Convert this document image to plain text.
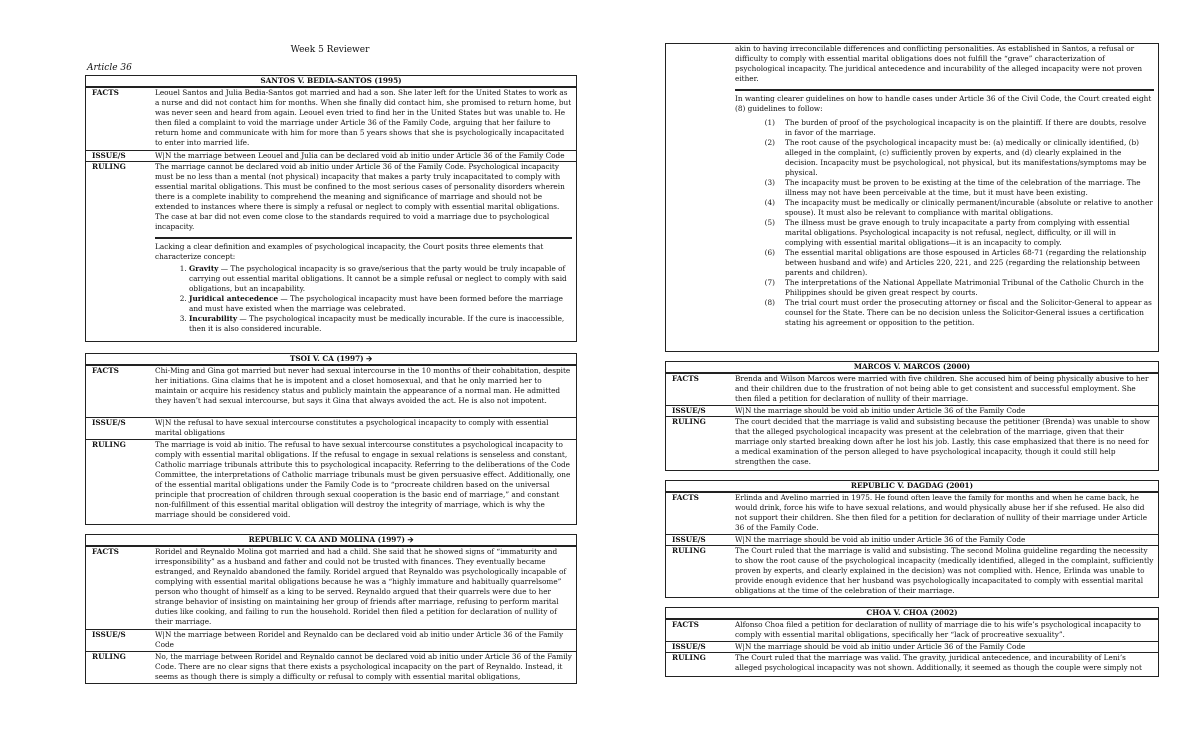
Week 5 Reviewer
Article 36
SANTOS V. BEDIA-SANTOS (1995)
FACTS	Leouel Santos and Julia Bedia-Santos got married and had a son. She later left for the United States to work as a nurse and did not contact him for months. When she finally did contact him, she promised to return home, but was never seen and heard from again. Leouel even tried to find her in the United States but was unable to. He then filed a complaint to void the marriage under Article 36 of the Family Code, arguing that her failure to return home and communicate with him for more than 5 years shows that she is psychologically incapacitated to enter into married life.
ISSUE/S	W|N the marriage between Leouel and Julia can be declared void ab initio under Article 36 of the Family Code
RULING	The marriage cannot be declared void ab initio under Article 36 of the Family Code. Psychological incapacity must be no less than a mental (not physical) incapacity that makes a party truly incapacitated to comply with essential marital obligations. This must be confined to the most serious cases of personality disorders wherein there is a complete inability to comprehend the meaning and significance of marriage and should not be extended to instances where there is simply a refusal or neglect to comply with essential marital obligations. The case at bar did not even come close to the standards required to void a marriage due to psychological incapacity.

Lacking a clear definition and examples of psychological incapacity, the Court posits three elements that characterize concept:

1. Gravity — The psychological incapacity is so grave/serious that the party would be truly incapable of carrying out essential marital obligations. It cannot be a simple refusal or neglect to comply with said obligations, but an incapability.
2. Juridical antecedence — The psychological incapacity must have been formed before the marriage and must have existed when the marriage was celebrated.
3. Incurability — The psychological incapacity must be medically incurable. If the cure is inaccessible, then it is also considered incurable.
TSOI V. CA (1997) 🡪
FACTS	Chi-Ming and Gina got married but never had sexual intercourse in the 10 months of their cohabitation, despite her initiations. Gina claims that he is impotent and a closet homosexual, and that he only married her to maintain or acquire his residency status and publicly maintain the appearance of a normal man. He admitted they haven’t had sexual intercourse, but says it Gina that always avoided the act. He is also not impotent.
ISSUE/S	W|N the refusal to have sexual intercourse constitutes a psychological incapacity to comply with essential marital obligations
RULING	The marriage is void ab initio. The refusal to have sexual intercourse constitutes a psychological incapacity to comply with essential marital obligations. If the refusal to engage in sexual relations is senseless and constant, Catholic marriage tribunals attribute this to psychological incapacity. Referring to the deliberations of the Code Committee, the interpretations of Catholic marriage tribunals must be given persuasive effect. Additionally, one of the essential marital obligations under the Family Code is to “procreate children based on the universal principle that procreation of children through sexual cooperation is the basic end of marriage,” and constant non-fulfillment of this essential marital obligation will destroy the integrity of marriage, which is why the marriage should be considered void.
REPUBLIC V. CA AND MOLINA (1997) 🡪
FACTS	Roridel and Reynaldo Molina got married and had a child. She said that he showed signs of “immaturity and irresponsibility” as a husband and father and could not be trusted with finances. They eventually became estranged, and Reynaldo abandoned the family. Roridel argued that Reynaldo was psychologically incapable of complying with essential marital obligations because he was a “highly immature and habitually quarrelsome” person who thought of himself as a king to be served. Reynaldo argued that their quarrels were due to her strange behavior of insisting on maintaining her group of friends after marriage, refusing to perform marital duties like cooking, and failing to run the household. Roridel then filed a petition for declaration of nullity of their marriage.
ISSUE/S	W|N the marriage between Roridel and Reynaldo can be declared void ab initio under Article 36 of the Family Code
RULING	No, the marriage between Roridel and Reynaldo cannot be declared void ab initio under Article 36 of the Family Code. There are no clear signs that there exists a psychological incapacity on the part of Reynaldo. Instead, it seems as though there is simply a difficulty or refusal to comply with essential marital obligations,

akin to having irreconcilable differences and conflicting personalities. As established in Santos, a refusal or difficulty to comply with essential marital obligations does not fulfill the “grave” characterization of psychological incapacity. The juridical antecedence and incurability of the alleged incapacity were not proven either.

In wanting clearer guidelines on how to handle cases under Article 36 of the Civil Code, the Court created eight (8) guidelines to follow:

(1)	The burden of proof of the psychological incapacity is on the plaintiff. If there are doubts, resolve in favor of the marriage.
(2)	The root cause of the psychological incapacity must be: (a) medically or clinically identified, (b) alleged in the complaint, (c) sufficiently proven by experts, and (d) clearly explained in the decision. Incapacity must be psychological, not physical, but its manifestations/symptoms may be physical.
(3)	The incapacity must be proven to be existing at the time of the celebration of the marriage. The illness may not have been perceivable at the time, but it must have been existing.
(4)	The incapacity must be medically or clinically permanent/incurable (absolute or relative to another spouse). It must also be relevant to compliance with marital obligations.
(5)	The illness must be grave enough to truly incapacitate a party from complying with essential marital obligations. Psychological incapacity is not refusal, neglect, difficulty, or ill will in complying with essential marital obligations—it is an incapacity to comply.
(6)	The essential marital obligations are those espoused in Articles 68-71 (regarding the relationship between husband and wife) and Articles 220, 221, and 225 (regarding the relationship between parents and children).
(7)	The interpretations of the National Appellate Matrimonial Tribunal of the Catholic Church in the Philippines should be given great respect by courts.
(8)	The trial court must order the prosecuting attorney or fiscal and the Solicitor-General to appear as counsel for the State. There can be no decision unless the Solicitor-General issues a certification stating his agreement or opposition to the petition.
MARCOS V. MARCOS (2000)
FACTS	Brenda and Wilson Marcos were married with five children. She accused him of being physically abusive to her and their children due to the frustration of not being able to get consistent and successful employment. She then filed a petition for declaration of nullity of their marriage.
ISSUE/S	W|N the marriage should be void ab initio under Article 36 of the Family Code
RULING	The court decided that the marriage is valid and subsisting because the petitioner (Brenda) was unable to show that the alleged psychological incapacity was present at the celebration of the marriage, given that their marriage only started breaking down after he lost his job. Lastly, this case emphasized that there is no need for a medical examination of the person alleged to have psychological incapacity, though it could still help strengthen the case.
REPUBLIC V. DAGDAG (2001)
FACTS	Erlinda and Avelino married in 1975. He found often leave the family for months and when he came back, he would drink, force his wife to have sexual relations, and would physically abuse her if she refused. He also did not support their children. She then filed for a petition for declaration of nullity of their marriage under Article 36 of the Family Code.
ISSUE/S	W|N the marriage should be void ab initio under Article 36 of the Family Code
RULING	The Court ruled that the marriage is valid and subsisting. The second Molina guideline regarding the necessity to show the root cause of the psychological incapacity (medically identified, alleged in the complaint, sufficiently proven by experts, and clearly explained in the decision) was not complied with. Hence, Erlinda was unable to provide enough evidence that her husband was psychologically incapacitated to comply with essential marital obligations at the time of the celebration of their marriage.
CHOA V. CHOA (2002)
FACTS	Alfonso Choa filed a petition for declaration of nullity of marriage die to his wife’s psychological incapacity to comply with essential marital obligations, specifically her “lack of procreative sexuality”.
ISSUE/S	W|N the marriage should be void ab initio under Article 36 of the Family Code
RULING	The Court ruled that the marriage was valid. The gravity, juridical antecedence, and incurability of Leni’s alleged psychological incapacity was not shown. Additionally, it seemed as though the couple were simply not
